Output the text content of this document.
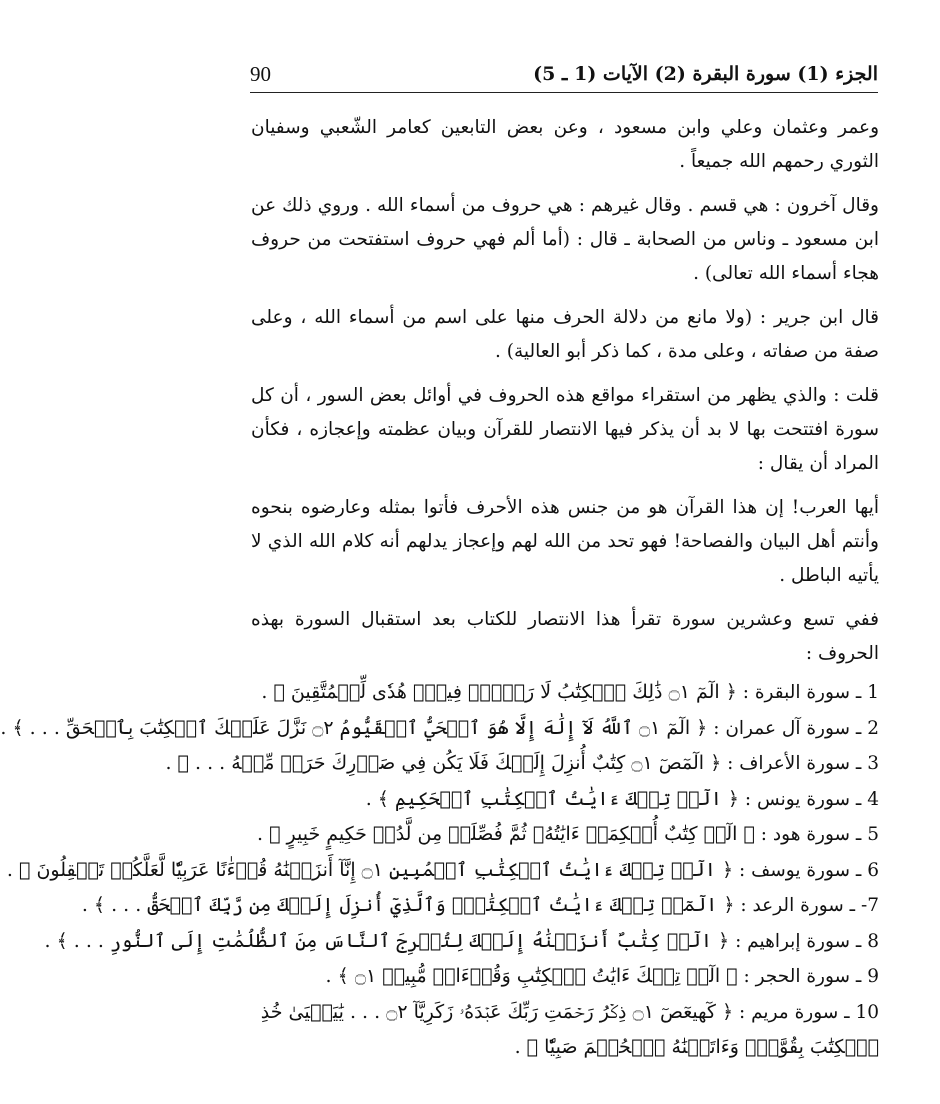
90	الجزء (1) سورة البقرة (2) الآيات (1 ـ 5)

وعمر وعثمان وعلي وابن مسعود ، وعن بعض التابعين كعامر الشّعبي وسفيان الثوري رحمهم الله جميعاً .

وقال آخرون : هي قسم . وقال غيرهم : هي حروف من أسماء الله . وروي ذلك عن ابن مسعود ـ وناس من الصحابة ـ قال : (أما ألم فهي حروف استفتحت من حروف هجاء أسماء الله تعالى) .

قال ابن جرير : (ولا مانع من دلالة الحرف منها على اسم من أسماء الله ، وعلى صفة من صفاته ، وعلى مدة ، كما ذكر أبو العالية) .

قلت : والذي يظهر من استقراء مواقع هذه الحروف في أوائل بعض السور ، أن كل سورة افتتحت بها لا بد أن يذكر فيها الانتصار للقرآن وبيان عظمته وإعجازه ، فكأن المراد أن يقال :

أيها العرب! إن هذا القرآن هو من جنس هذه الأحرف فأتوا بمثله وعارضوه بنحوه وأنتم أهل البيان والفصاحة! فهو تحد من الله لهم وإعجاز يدلهم أنه كلام الله الذي لا يأتيه الباطل .

ففي تسع وعشرين سورة تقرأ هذا الانتصار للكتاب بعد استقبال السورة بهذه الحروف :

1 ـ سورة البقرة : ﴿ الٓمٓ ۝١ ذَٰلِكَ ٱلۡكِتَٰبُ لَا رَيۡبَۛ فِيهِۛ هُدٗى لِّلۡمُتَّقِينَ ﴾ .
2 ـ سورة آل عمران : ﴿ الٓمٓ ۝١ ٱللَّهُ لَآ إِلَٰهَ إِلَّا هُوَ ٱلۡحَيُّ ٱلۡقَيُّومُ ۝٢ نَزَّلَ عَلَيۡكَ ٱلۡكِتَٰبَ بِٱلۡحَقِّ . . . ﴾ .
3 ـ سورة الأعراف : ﴿ الٓمٓصٓ ۝١ كِتَٰبٌ أُنزِلَ إِلَيۡكَ فَلَا يَكُن فِي صَدۡرِكَ حَرَجٞ مِّنۡهُ . . . ﴾ .
4 ـ سورة يونس : ﴿ الٓرۚ تِلۡكَ ءَايَٰتُ ٱلۡكِتَٰبِ ٱلۡحَكِيمِ ﴾ .
5 ـ سورة هود : ﴿ الٓرۚ كِتَٰبٌ أُحۡكِمَتۡ ءَايَٰتُهُۥ ثُمَّ فُصِّلَتۡ مِن لَّدُنۡ حَكِيمٍ خَبِيرٍ ﴾ .
6 ـ سورة يوسف : ﴿ الٓرۚ تِلۡكَ ءَايَٰتُ ٱلۡكِتَٰبِ ٱلۡمُبِينِ ۝١ إِنَّآ أَنزَلۡنَٰهُ قُرۡءَٰنًا عَرَبِيّٗا لَّعَلَّكُمۡ تَعۡقِلُونَ ﴾ .
7- ـ سورة الرعد : ﴿ الٓمٓرۚ تِلۡكَ ءَايَٰتُ ٱلۡكِتَٰبِۗ وَٱلَّذِيٓ أُنزِلَ إِلَيۡكَ مِن رَّبِّكَ ٱلۡحَقُّ . . . ﴾ .
8 ـ سورة إبراهيم : ﴿ الٓرۚ كِتَٰبٌ أَنزَلۡنَٰهُ إِلَيۡكَ لِتُخۡرِجَ ٱلنَّاسَ مِنَ ٱلظُّلُمَٰتِ إِلَى ٱلنُّورِ . . . ﴾ .
9 ـ سورة الحجر : ﴿ الٓرۚ تِلۡكَ ءَايَٰتُ ٱلۡكِتَٰبِ وَقُرۡءَانٖ مُّبِينٖ ۝١ ﴾ .
10 ـ سورة مريم : ﴿ كٓهيعٓصٓ ۝١ ذِكۡرُ رَحۡمَتِ رَبِّكَ عَبۡدَهُۥ زَكَرِيَّآ ۝٢ . . . يَٰيَحۡيَىٰ خُذِ ٱلۡكِتَٰبَ بِقُوَّةٖۖ وَءَاتَيۡنَٰهُ ٱلۡحُكۡمَ صَبِيّٗا ﴾ .
